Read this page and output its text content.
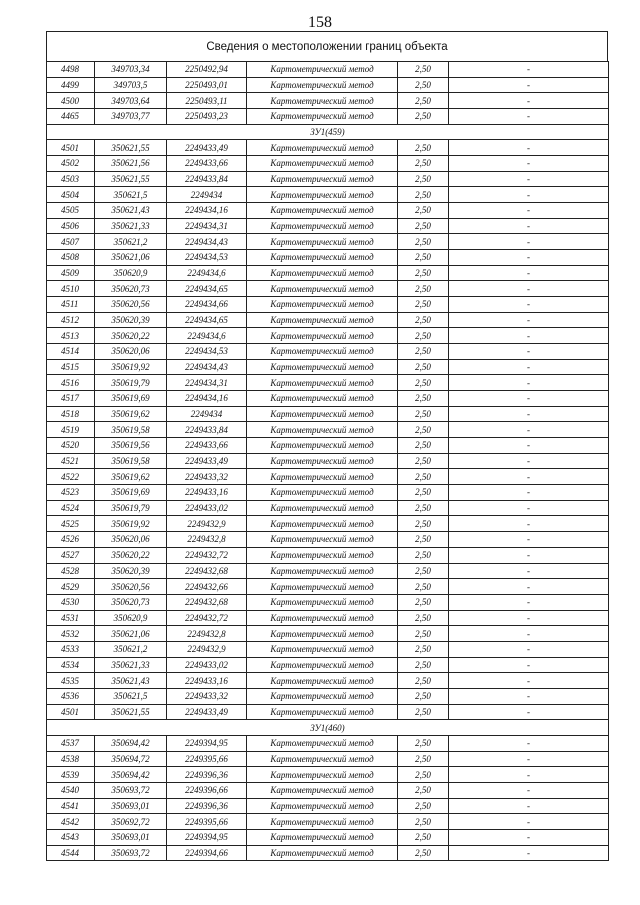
158
Сведения о местоположении границ объекта
4498	349703,34	2250492,94	Картометрический метод	2,50	-
4499	349703,5	2250493,01	Картометрический метод	2,50	-
4500	349703,64	2250493,11	Картометрический метод	2,50	-
4465	349703,77	2250493,23	Картометрический метод	2,50	-
ЗУ1(459)					
4501	350621,55	2249433,49	Картометрический метод	2,50	-
4502	350621,56	2249433,66	Картометрический метод	2,50	-
4503	350621,55	2249433,84	Картометрический метод	2,50	-
4504	350621,5	2249434	Картометрический метод	2,50	-
4505	350621,43	2249434,16	Картометрический метод	2,50	-
4506	350621,33	2249434,31	Картометрический метод	2,50	-
4507	350621,2	2249434,43	Картометрический метод	2,50	-
4508	350621,06	2249434,53	Картометрический метод	2,50	-
4509	350620,9	2249434,6	Картометрический метод	2,50	-
4510	350620,73	2249434,65	Картометрический метод	2,50	-
4511	350620,56	2249434,66	Картометрический метод	2,50	-
4512	350620,39	2249434,65	Картометрический метод	2,50	-
4513	350620,22	2249434,6	Картометрический метод	2,50	-
4514	350620,06	2249434,53	Картометрический метод	2,50	-
4515	350619,92	2249434,43	Картометрический метод	2,50	-
4516	350619,79	2249434,31	Картометрический метод	2,50	-
4517	350619,69	2249434,16	Картометрический метод	2,50	-
4518	350619,62	2249434	Картометрический метод	2,50	-
4519	350619,58	2249433,84	Картометрический метод	2,50	-
4520	350619,56	2249433,66	Картометрический метод	2,50	-
4521	350619,58	2249433,49	Картометрический метод	2,50	-
4522	350619,62	2249433,32	Картометрический метод	2,50	-
4523	350619,69	2249433,16	Картометрический метод	2,50	-
4524	350619,79	2249433,02	Картометрический метод	2,50	-
4525	350619,92	2249432,9	Картометрический метод	2,50	-
4526	350620,06	2249432,8	Картометрический метод	2,50	-
4527	350620,22	2249432,72	Картометрический метод	2,50	-
4528	350620,39	2249432,68	Картометрический метод	2,50	-
4529	350620,56	2249432,66	Картометрический метод	2,50	-
4530	350620,73	2249432,68	Картометрический метод	2,50	-
4531	350620,9	2249432,72	Картометрический метод	2,50	-
4532	350621,06	2249432,8	Картометрический метод	2,50	-
4533	350621,2	2249432,9	Картометрический метод	2,50	-
4534	350621,33	2249433,02	Картометрический метод	2,50	-
4535	350621,43	2249433,16	Картометрический метод	2,50	-
4536	350621,5	2249433,32	Картометрический метод	2,50	-
4501	350621,55	2249433,49	Картометрический метод	2,50	-
ЗУ1(460)					
4537	350694,42	2249394,95	Картометрический метод	2,50	-
4538	350694,72	2249395,66	Картометрический метод	2,50	-
4539	350694,42	2249396,36	Картометрический метод	2,50	-
4540	350693,72	2249396,66	Картометрический метод	2,50	-
4541	350693,01	2249396,36	Картометрический метод	2,50	-
4542	350692,72	2249395,66	Картометрический метод	2,50	-
4543	350693,01	2249394,95	Картометрический метод	2,50	-
4544	350693,72	2249394,66	Картометрический метод	2,50	-
